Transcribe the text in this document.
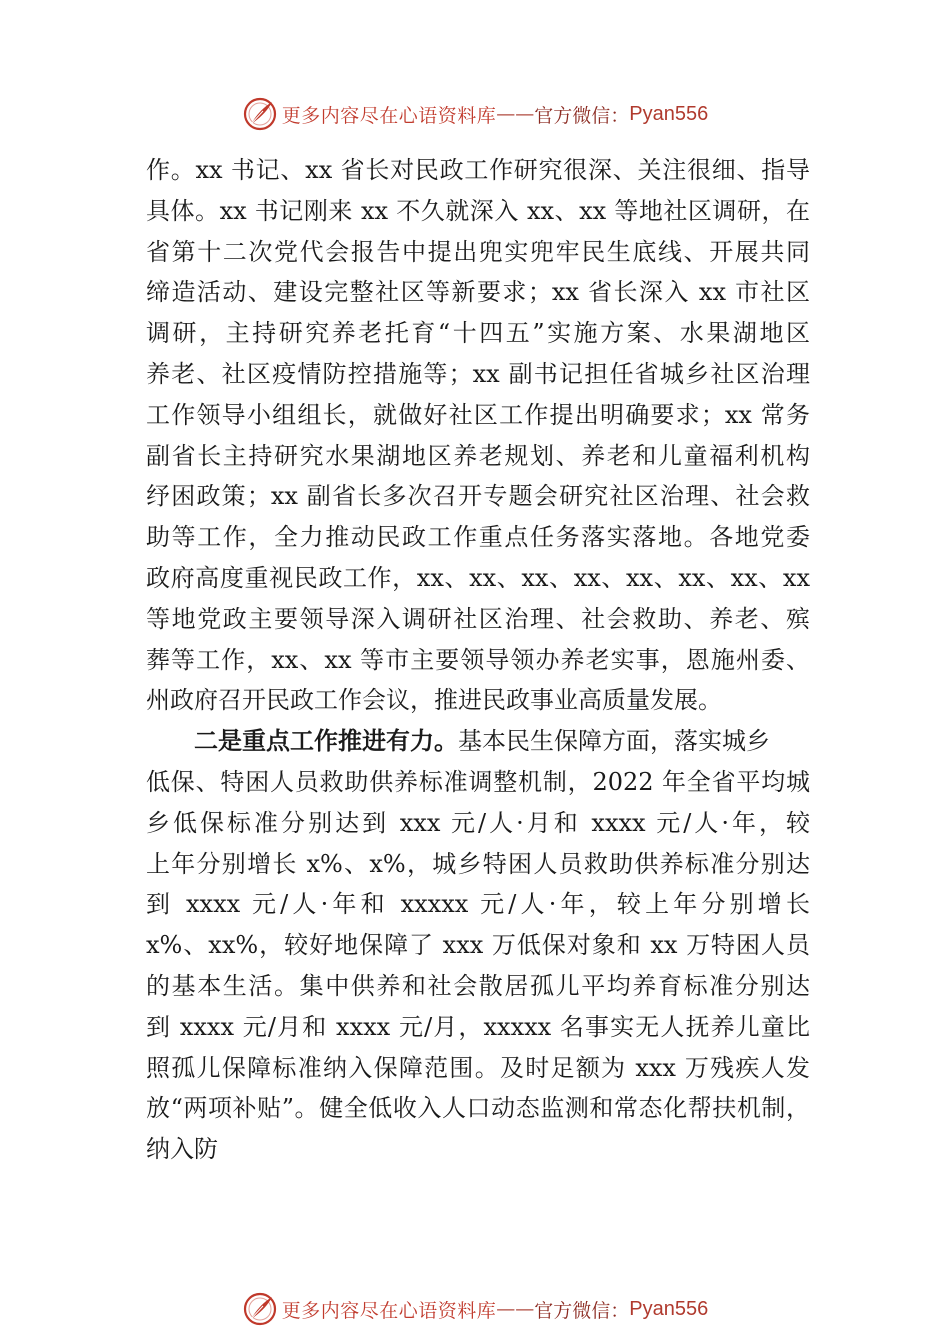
更多内容尽在心语资料库 —— 官方微信： Pyan556
作。xx 书记、xx 省长对民政工作研究很深、关注很细、指导
具体。xx 书记刚来 xx 不久就深入 xx、xx 等地社区调研，在
省第十二次党代会报告中提出兜实兜牢民生底线、开展共同
缔造活动、建设完整社区等新要求；xx 省长深入 xx 市社区
调研，主持研究养老托育“十四五”实施方案、水果湖地区
养老、社区疫情防控措施等；xx 副书记担任省城乡社区治理
工作领导小组组长，就做好社区工作提出明确要求；xx 常务
副省长主持研究水果湖地区养老规划、养老和儿童福利机构
纾困政策；xx 副省长多次召开专题会研究社区治理、社会救
助等工作，全力推动民政工作重点任务落实落地。各地党委
政府高度重视民政工作，xx、xx、xx、xx、xx、xx、xx、xx
等地党政主要领导深入调研社区治理、社会救助、养老、殡
葬等工作，xx、xx 等市主要领导领办养老实事，恩施州委、
州政府召开民政工作会议，推进民政事业高质量发展。
二是重点工作推进有力。基本民生保障方面，落实城乡
低保、特困人员救助供养标准调整机制，2022 年全省平均城
乡低保标准分别达到 xxx 元/人·月和 xxxx 元/人·年，较
上年分别增长 x%、x%，城乡特困人员救助供养标准分别达
到 xxxx 元/人·年和 xxxxx 元/人·年，较上年分别增长
x%、xx%，较好地保障了 xxx 万低保对象和 xx 万特困人员
的基本生活。集中供养和社会散居孤儿平均养育标准分别达
到 xxxx 元/月和 xxxx 元/月，xxxxx 名事实无人抚养儿童比
照孤儿保障标准纳入保障范围。及时足额为 xxx 万残疾人发
放“两项补贴”。健全低收入人口动态监测和常态化帮扶机制，
纳入防
更多内容尽在心语资料库 —— 官方微信： Pyan556
